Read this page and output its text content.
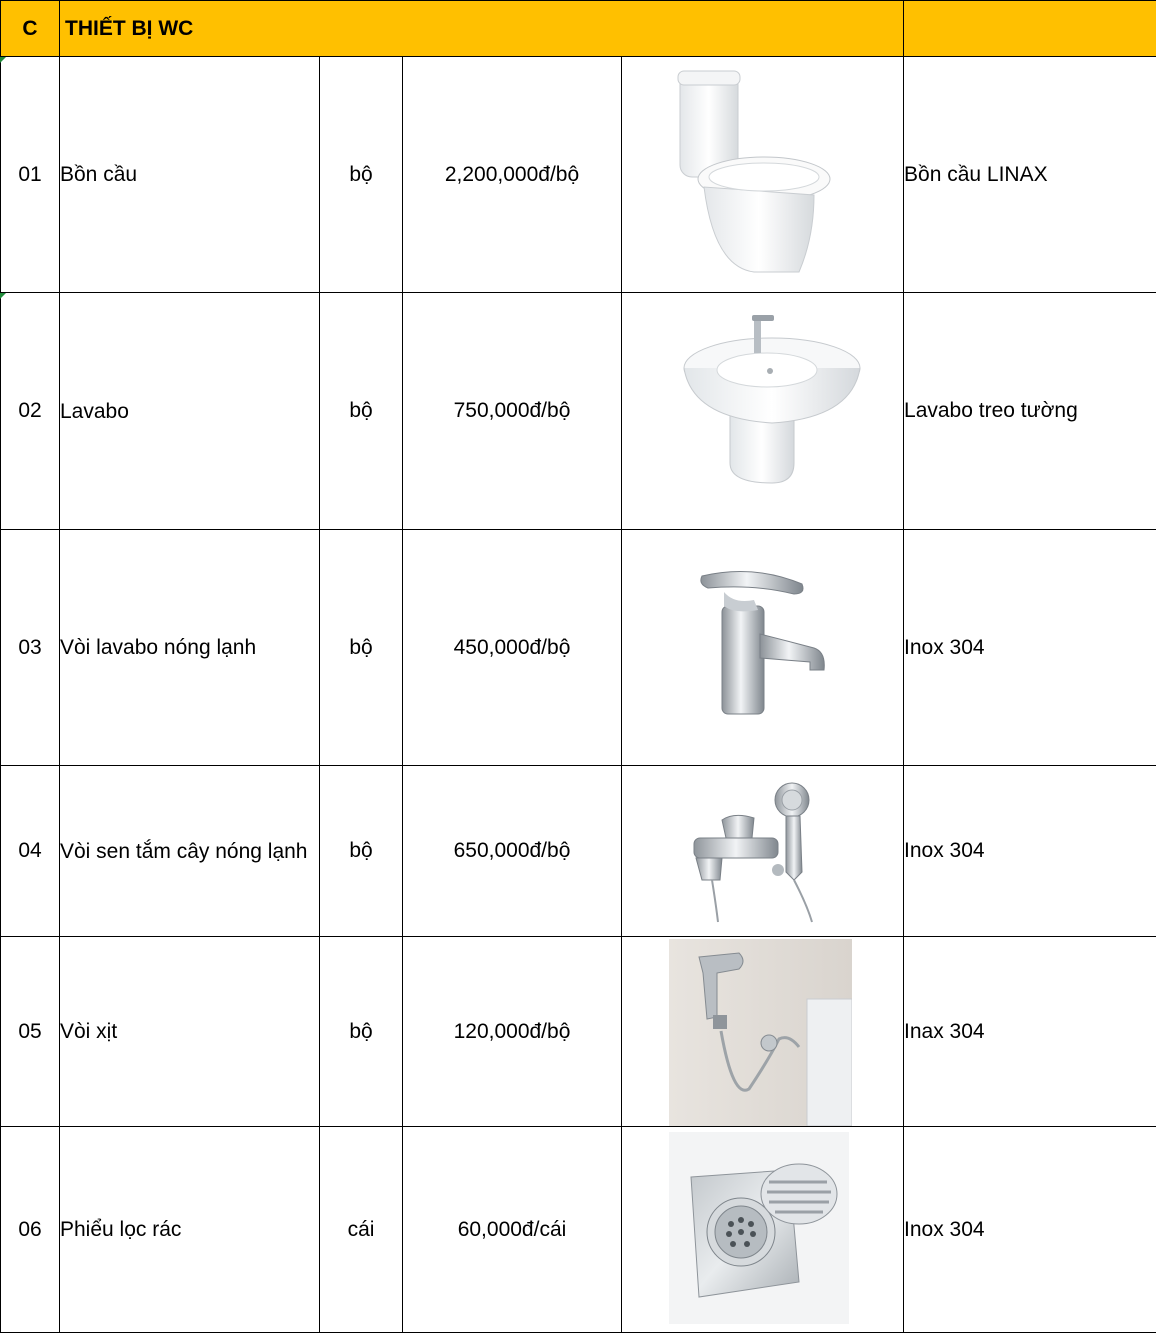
C	THIẾT BỊ WC				
01	Bồn cầu	bộ	2,200,000đ/bộ		Bồn cầu LINAX
02	Lavabo	bộ	750,000đ/bộ		Lavabo treo tường
03	Vòi lavabo nóng lạnh	bộ	450,000đ/bộ		Inox 304
04	Vòi sen tắm cây nóng lạnh	bộ	650,000đ/bộ		Inox 304
05	Vòi xịt	bộ	120,000đ/bộ		Inax 304
06	Phiểu lọc rác	cái	60,000đ/cái		Inox 304
